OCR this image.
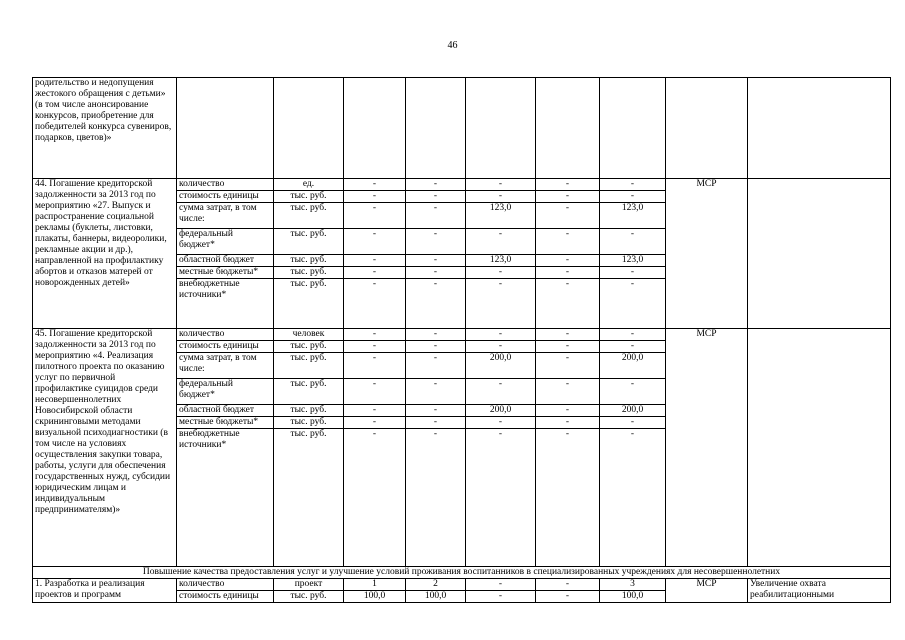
46
родительство и недопущения жестокого обращения с детьми» (в том числе анонсирование конкурсов, приобретение для победителей конкурса сувениров, подарков, цветов)»									
44. Погашение кредиторской задолженности за 2013 год по мероприятию «27. Выпуск и распространение социальной рекламы (буклеты, листовки, плакаты, баннеры, видеоролики, рекламные акции и др.), направленной на профилактику абортов и отказов матерей от новорожденных детей»	количество	ед.	-	-	-	-	-	МСР	
	стоимость единицы	тыс. руб.	-	-	-	-	-		
	сумма затрат, в том числе:	тыс. руб.	-	-	123,0	-	123,0		
	федеральный бюджет*	тыс. руб.	-	-	-	-	-		
	областной бюджет	тыс. руб.	-	-	123,0	-	123,0		
	местные бюджеты*	тыс. руб.	-	-	-	-	-		
	внебюджетные источники*	тыс. руб.	-	-	-	-	-		
45. Погашение кредиторской задолженности за 2013 год по мероприятию «4. Реализация пилотного проекта по оказанию услуг по первичной профилактике суицидов среди несовершеннолетних Новосибирской области скрининговыми методами визуальной психодиагностики (в том числе на условиях осуществления закупки товара, работы, услуги для обеспечения государственных нужд, субсидии юридическим лицам и индивидуальным предпринимателям)»	количество	человек	-	-	-	-	-	МСР	
	стоимость единицы	тыс. руб.	-	-	-	-	-		
	сумма затрат, в том числе:	тыс. руб.	-	-	200,0	-	200,0		
	федеральный бюджет*	тыс. руб.	-	-	-	-	-		
	областной бюджет	тыс. руб.	-	-	200,0	-	200,0		
	местные бюджеты*	тыс. руб.	-	-	-	-	-		
	внебюджетные источники*	тыс. руб.	-	-	-	-	-		
Повышение качества предоставления услуг и улучшение условий проживания воспитанников в специализированных учреждениях для несовершеннолетних									
1. Разработка и реализация проектов и программ	количество	проект	1	2	-	-	3	МСР	Увеличение охвата реабилитационными
	стоимость единицы	тыс. руб.	100,0	100,0	-	-	100,0		
